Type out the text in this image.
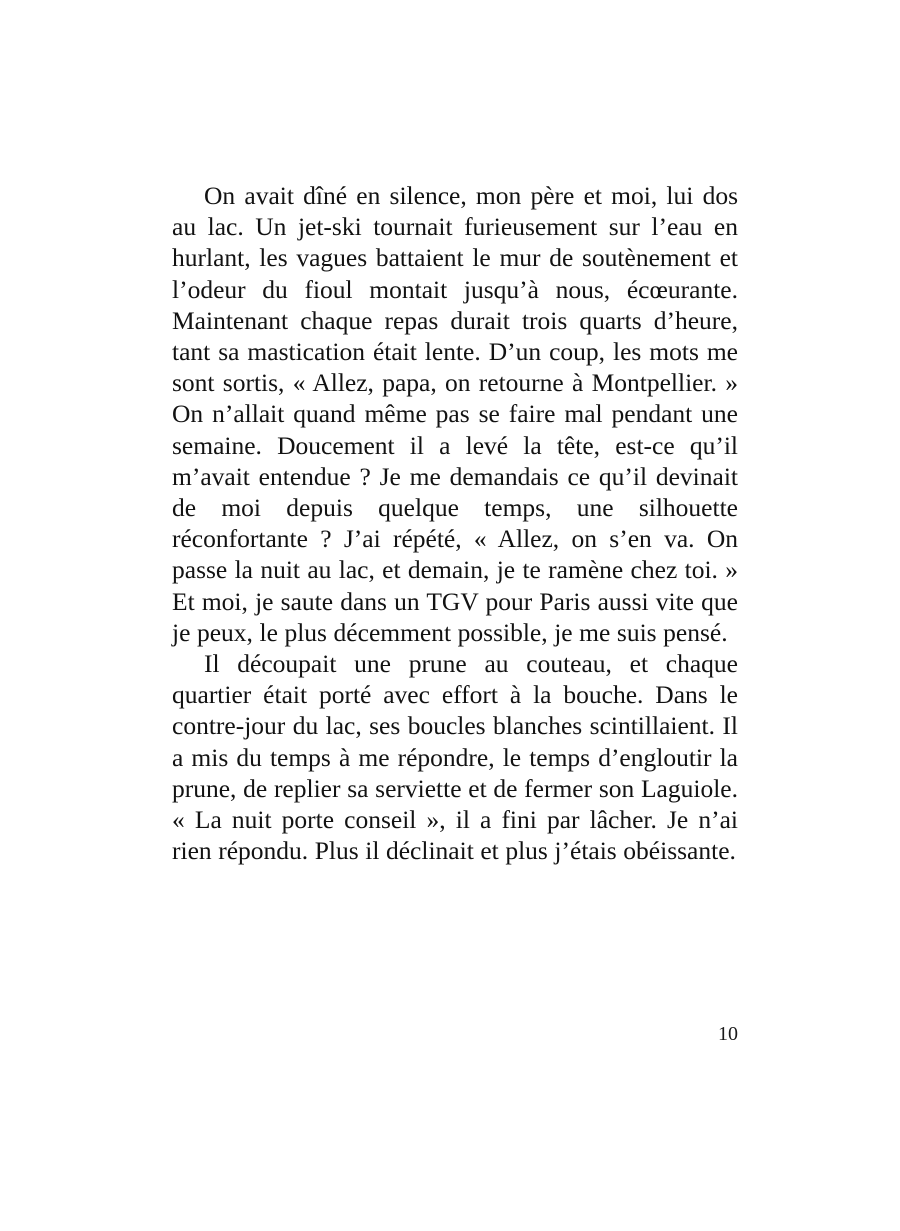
On avait dîné en silence, mon père et moi, lui dos au lac. Un jet-ski tournait furieusement sur l’eau en hurlant, les vagues battaient le mur de soutènement et l’odeur du fioul montait jusqu’à nous, écœurante. Maintenant chaque repas durait trois quarts d’heure, tant sa mastication était lente. D’un coup, les mots me sont sortis, « Allez, papa, on retourne à Montpellier. » On n’allait quand même pas se faire mal pendant une semaine. Doucement il a levé la tête, est-ce qu’il m’avait entendue ? Je me demandais ce qu’il devinait de moi depuis quelque temps, une silhouette réconfortante ? J’ai répété, « Allez, on s’en va. On passe la nuit au lac, et demain, je te ramène chez toi. » Et moi, je saute dans un TGV pour Paris aussi vite que je peux, le plus décemment possible, je me suis pensé.

Il découpait une prune au couteau, et chaque quartier était porté avec effort à la bouche. Dans le contre-jour du lac, ses boucles blanches scintillaient. Il a mis du temps à me répondre, le temps d’engloutir la prune, de replier sa serviette et de fermer son Laguiole. « La nuit porte conseil », il a fini par lâcher. Je n’ai rien répondu. Plus il déclinait et plus j’étais obéissante.

10
